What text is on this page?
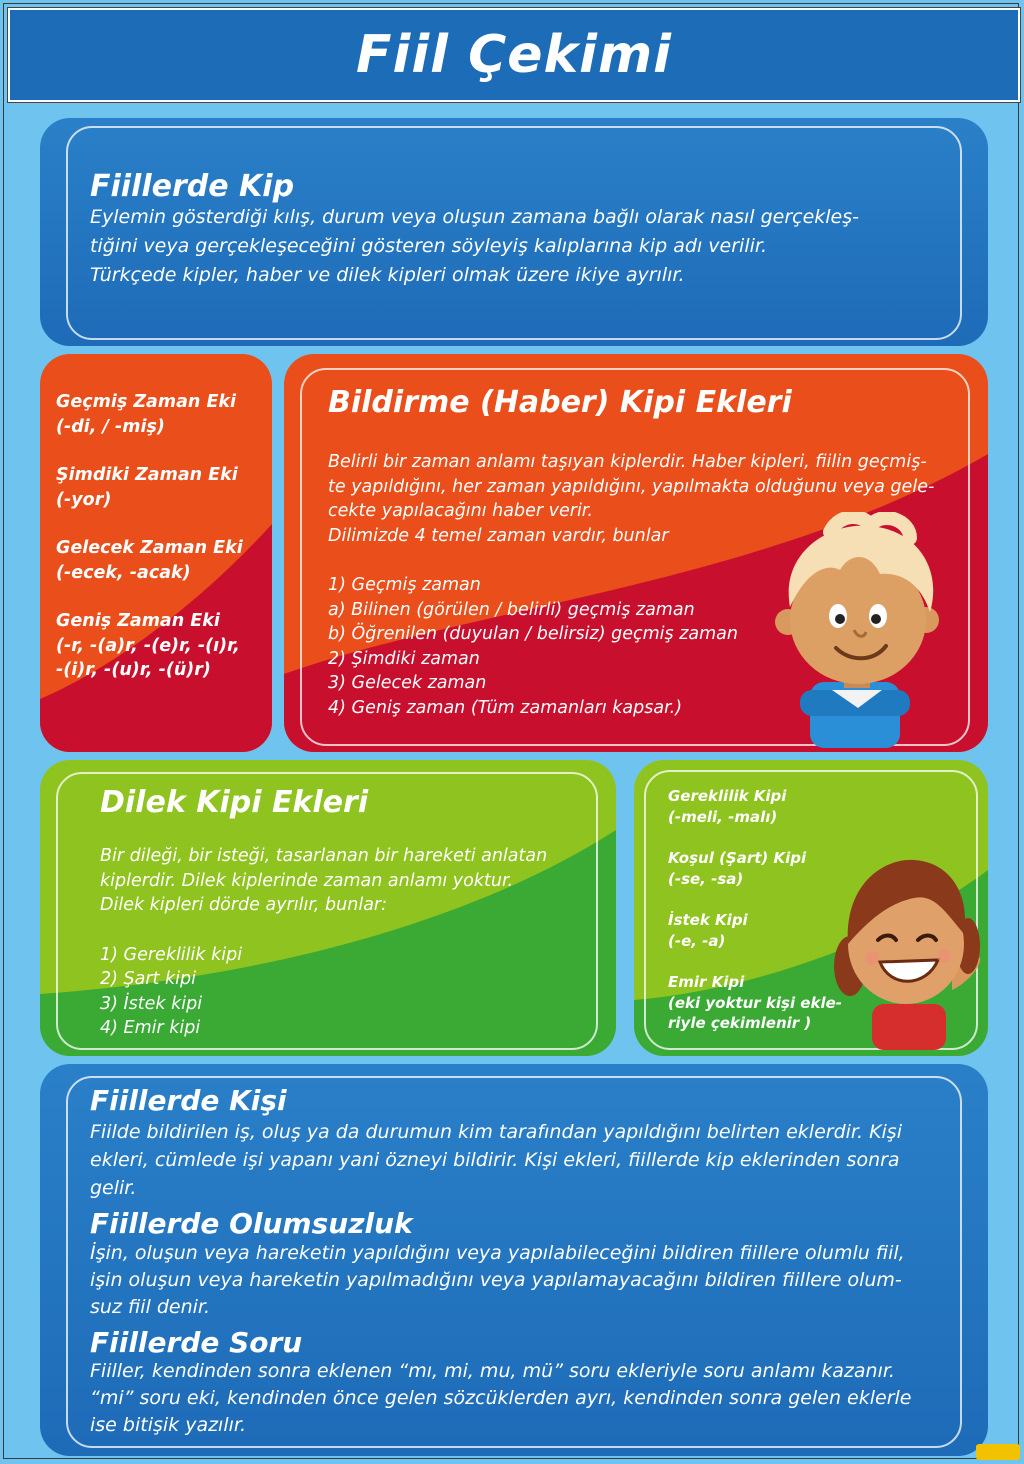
Fiil Çekimi
Fiillerde Kip
Eylemin gösterdiği kılış, durum veya oluşun zamana bağlı olarak nasıl gerçekleş-
tiğini veya gerçekleşeceğini gösteren söyleyiş kalıplarına kip adı verilir.
Türkçede kipler, haber ve dilek kipleri olmak üzere ikiye ayrılır.
Geçmiş Zaman Eki
(-di, / -miş)
Şimdiki Zaman Eki
(-yor)
Gelecek Zaman Eki
(-ecek, -acak)
Geniş Zaman Eki
(-r, -(a)r, -(e)r, -(ı)r,
-(i)r, -(u)r, -(ü)r)
Bildirme (Haber) Kipi Ekleri
Belirli bir zaman anlamı taşıyan kiplerdir. Haber kipleri, fiilin geçmiş-
te yapıldığını, her zaman yapıldığını, yapılmakta olduğunu veya gele-
cekte yapılacağını haber verir.
Dilimizde 4 temel zaman vardır, bunlar
1) Geçmiş zaman
a) Bilinen (görülen / belirli) geçmiş zaman
b) Öğrenilen (duyulan / belirsiz) geçmiş zaman
2) Şimdiki zaman
3) Gelecek zaman
4) Geniş zaman (Tüm zamanları kapsar.)
Dilek Kipi Ekleri
Bir dileği, bir isteği, tasarlanan bir hareketi anlatan
kiplerdir. Dilek kiplerinde zaman anlamı yoktur.
Dilek kipleri dörde ayrılır, bunlar:
1) Gereklilik kipi
2) Şart kipi
3) İstek kipi
4) Emir kipi
Gereklilik Kipi
(-meli, -malı)
Koşul (Şart) Kipi
(-se, -sa)
İstek Kipi
(-e, -a)
Emir Kipi
(eki yoktur kişi ekle-
riyle çekimlenir )
Fiillerde Kişi
Fiilde bildirilen iş, oluş ya da durumun kim tarafından yapıldığını belirten eklerdir. Kişi
ekleri, cümlede işi yapanı yani özneyi bildirir. Kişi ekleri, fiillerde kip eklerinden sonra
gelir.
Fiillerde Olumsuzluk
İşin, oluşun veya hareketin yapıldığını veya yapılabileceğini bildiren fiillere olumlu fiil,
işin oluşun veya hareketin yapılmadığını veya yapılamayacağını bildiren fiillere olum-
suz fiil denir.
Fiillerde Soru
Fiiller, kendinden sonra eklenen “mı, mi, mu, mü” soru ekleriyle soru anlamı kazanır.
“mi” soru eki, kendinden önce gelen sözcüklerden ayrı, kendinden sonra gelen eklerle
ise bitişik yazılır.
